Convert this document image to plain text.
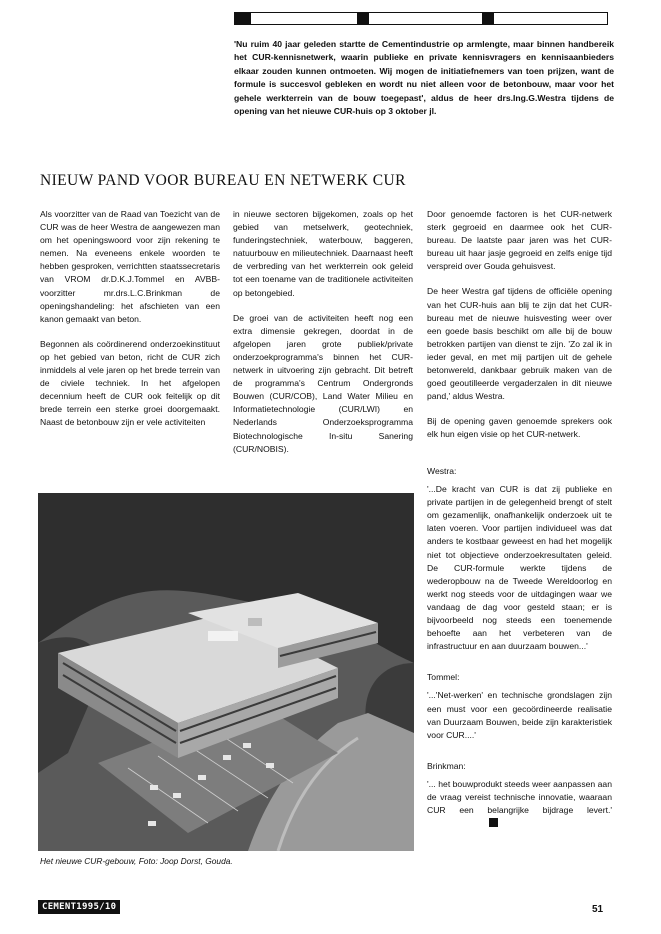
'Nu ruim 40 jaar geleden startte de Cementindustrie op armlengte, maar binnen handbereik het CUR-kennisnetwerk, waarin publieke en private kennisvragers en kennisaanbieders elkaar zouden kunnen ontmoeten. Wij mogen de initiatiefnemers van toen prijzen, want de formule is succesvol gebleken en wordt nu niet alleen voor de betonbouw, maar voor het gehele werkterrein van de bouw toegepast', aldus de heer drs.Ing.G.Westra tijdens de opening van het nieuwe CUR-huis op 3 oktober jl.
NIEUW PAND VOOR BUREAU EN NETWERK CUR

Als voorzitter van de Raad van Toezicht van de CUR was de heer Westra de aangewezen man om het openingswoord voor zijn rekening te nemen. Na eveneens enkele woorden te hebben gesproken, verrichtten staatssecretaris van VROM dr.D.K.J.Tommel en AVBB-voorzitter mr.drs.L.C.Brinkman de openingshandeling: het afschieten van een kanon gemaakt van beton.

Begonnen als coördinerend onderzoekinstituut op het gebied van beton, richt de CUR zich inmiddels al vele jaren op het brede terrein van de civiele techniek. In het afgelopen decennium heeft de CUR ook feitelijk op dit brede terrein een sterke groei doorgemaakt. Naast de betonbouw zijn er vele activiteiten

in nieuwe sectoren bijgekomen, zoals op het gebied van metselwerk, geotechniek, funderingstechniek, waterbouw, baggeren, natuurbouw en milieutechniek. Daarnaast heeft de verbreding van het werkterrein ook geleid tot een toename van de traditionele activiteiten op betongebied.

De groei van de activiteiten heeft nog een extra dimensie gekregen, doordat in de afgelopen jaren grote publiek/private onderzoekprogramma's binnen het CUR-netwerk in uitvoering zijn gebracht. Dit betreft de programma's Centrum Ondergronds Bouwen (CUR/COB), Land Water Milieu en Informatietechnologie (CUR/LWI) en Nederlands Onderzoeksprogramma Biotechnologische In-situ Sanering (CUR/NOBIS).

Door genoemde factoren is het CUR-netwerk sterk gegroeid en daarmee ook het CUR-bureau. De laatste paar jaren was het CUR-bureau uit haar jasje gegroeid en zelfs enige tijd verspreid over Gouda gehuisvest.

De heer Westra gaf tijdens de officiële opening van het CUR-huis aan blij te zijn dat het CUR-bureau met de nieuwe huisvesting weer over een goede basis beschikt om alle bij de bouw betrokken partijen van dienst te zijn. 'Zo zal ik in ieder geval, en met mij partijen uit de gehele betonwereld, dankbaar gebruik maken van de goed geoutilleerde vergaderzalen in dit nieuwe pand,' aldus Westra.

Bij de opening gaven genoemde sprekers ook elk hun eigen visie op het CUR-netwerk.

Westra:

'...De kracht van CUR is dat zij publieke en private partijen in de gelegenheid brengt of stelt om gezamenlijk, onafhankelijk onderzoek uit te laten voeren. Voor partijen individueel was dat anders te kostbaar geweest en had het mogelijk niet tot objectieve onderzoekresultaten geleid. De CUR-formule werkte tijdens de wederopbouw na de Tweede Wereldoorlog en werkt nog steeds voor de uitdagingen waar we vandaag de dag voor gesteld staan; er is bijvoorbeeld nog steeds een toenemende behoefte aan het verbeteren van de infrastructuur en aan duurzaam bouwen...'

Tommel:

'...'Net-werken' en technische grondslagen zijn een must voor een gecoördineerde realisatie van Duurzaam Bouwen, beide zijn karakteristiek voor CUR....'

Brinkman:

'... het bouwprodukt steeds weer aanpassen aan de vraag vereist technische innovatie, waaraan CUR een belangrijke bijdrage levert.'

Het nieuwe CUR-gebouw, Foto: Joop Dorst, Gouda.
CEMENT1995/10	51
